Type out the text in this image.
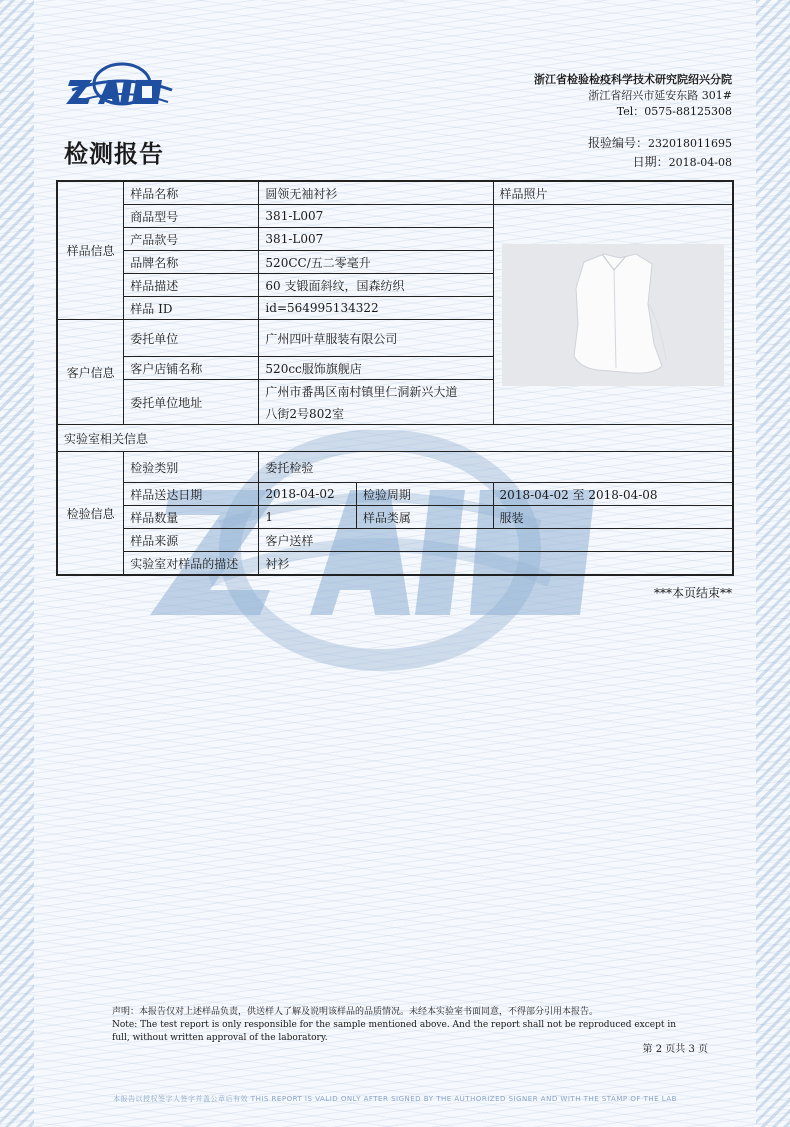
浙江省检验检疫科学技术研究院绍兴分院
浙江省绍兴市延安东路 301#
Tel：0575-88125308
检测报告	报验编号：232018011695
日期：2018-04-08
样品信息	样品名称	圆领无袖衬衫		样品照片
	商品型号	381-L007	

	产品款号	381-L007		
	品牌名称	520CC/五二零毫升		
	样品描述	60 支锻面斜纹，国森纺织		
	样品 ID	id=564995134322		
客户信息	委托单位	广州四叶草服装有限公司		
	客户店铺名称	520cc服饰旗舰店		
	委托单位地址	广州市番禺区南村镇里仁洞新兴大道		
		八街2号802室		
实验室相关信息				
检验信息	检验类别	委托检验		
	样品送达日期	2018-04-02	检验周期	2018-04-02 至 2018-04-08
	样品数量	1	样品类属	服装
	样品来源	客户送样		
	实验室对样品的描述	衬衫		
***本页结束**
声明：本报告仅对上述样品负责，供送样人了解及说明该样品的品质情况。未经本实验室书面同意，不得部分引用本报告。
Note: The test report is only responsible for the sample mentioned above. And the report shall not be reproduced except in full, without written approval of the laboratory.
第 2 页共 3 页
本报告以授权签字人签字并盖公章后有效 THIS REPORT IS VALID ONLY AFTER SIGNED BY THE AUTHORIZED SIGNER AND WITH THE STAMP OF THE LAB
